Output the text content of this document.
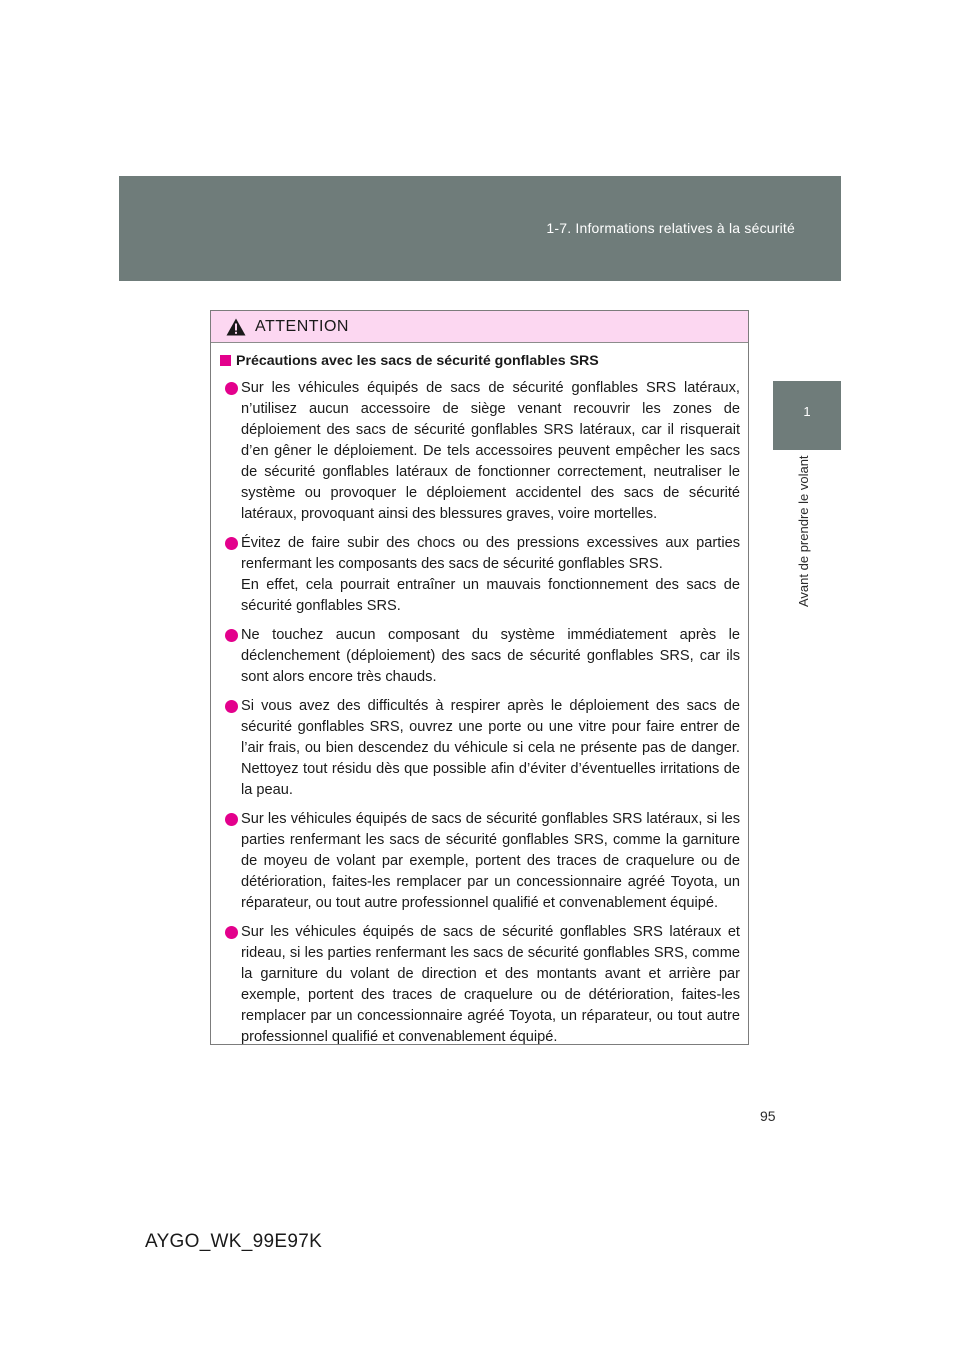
1-7. Informations relatives à la sécurité
1
Avant de prendre le volant
ATTENTION
Précautions avec les sacs de sécurité gonflables SRS
Sur les véhicules équipés de sacs de sécurité gonflables SRS latéraux, n’utilisez aucun accessoire de siège venant recouvrir les zones de déploiement des sacs de sécurité gonflables SRS latéraux, car il risquerait d’en gêner le déploiement. De tels accessoires peuvent empêcher les sacs de sécurité gonflables latéraux de fonctionner correctement, neutraliser le système ou provoquer le déploiement accidentel des sacs de sécurité latéraux, provoquant ainsi des blessures graves, voire mortelles.
Évitez de faire subir des chocs ou des pressions excessives aux parties renfermant les composants des sacs de sécurité gonflables SRS.
En effet, cela pourrait entraîner un mauvais fonctionnement des sacs de sécurité gonflables SRS.
Ne touchez aucun composant du système immédiatement après le déclenchement (déploiement) des sacs de sécurité gonflables SRS, car ils sont alors encore très chauds.
Si vous avez des difficultés à respirer après le déploiement des sacs de sécurité gonflables SRS, ouvrez une porte ou une vitre pour faire entrer de l’air frais, ou bien descendez du véhicule si cela ne présente pas de danger. Nettoyez tout résidu dès que possible afin d’éviter d’éventuelles irritations de la peau.
Sur les véhicules équipés de sacs de sécurité gonflables SRS latéraux, si les parties renfermant les sacs de sécurité gonflables SRS, comme la garniture de moyeu de volant par exemple, portent des traces de craquelure ou de détérioration, faites-les remplacer par un concessionnaire agréé Toyota, un réparateur, ou tout autre professionnel qualifié et convenablement équipé.
Sur les véhicules équipés de sacs de sécurité gonflables SRS latéraux et rideau, si les parties renfermant les sacs de sécurité gonflables SRS, comme la garniture du volant de direction et des montants avant et arrière par exemple, portent des traces de craquelure ou de détérioration, faites-les remplacer par un concessionnaire agréé Toyota, un réparateur, ou tout autre professionnel qualifié et convenablement équipé.
95
AYGO_WK_99E97K
